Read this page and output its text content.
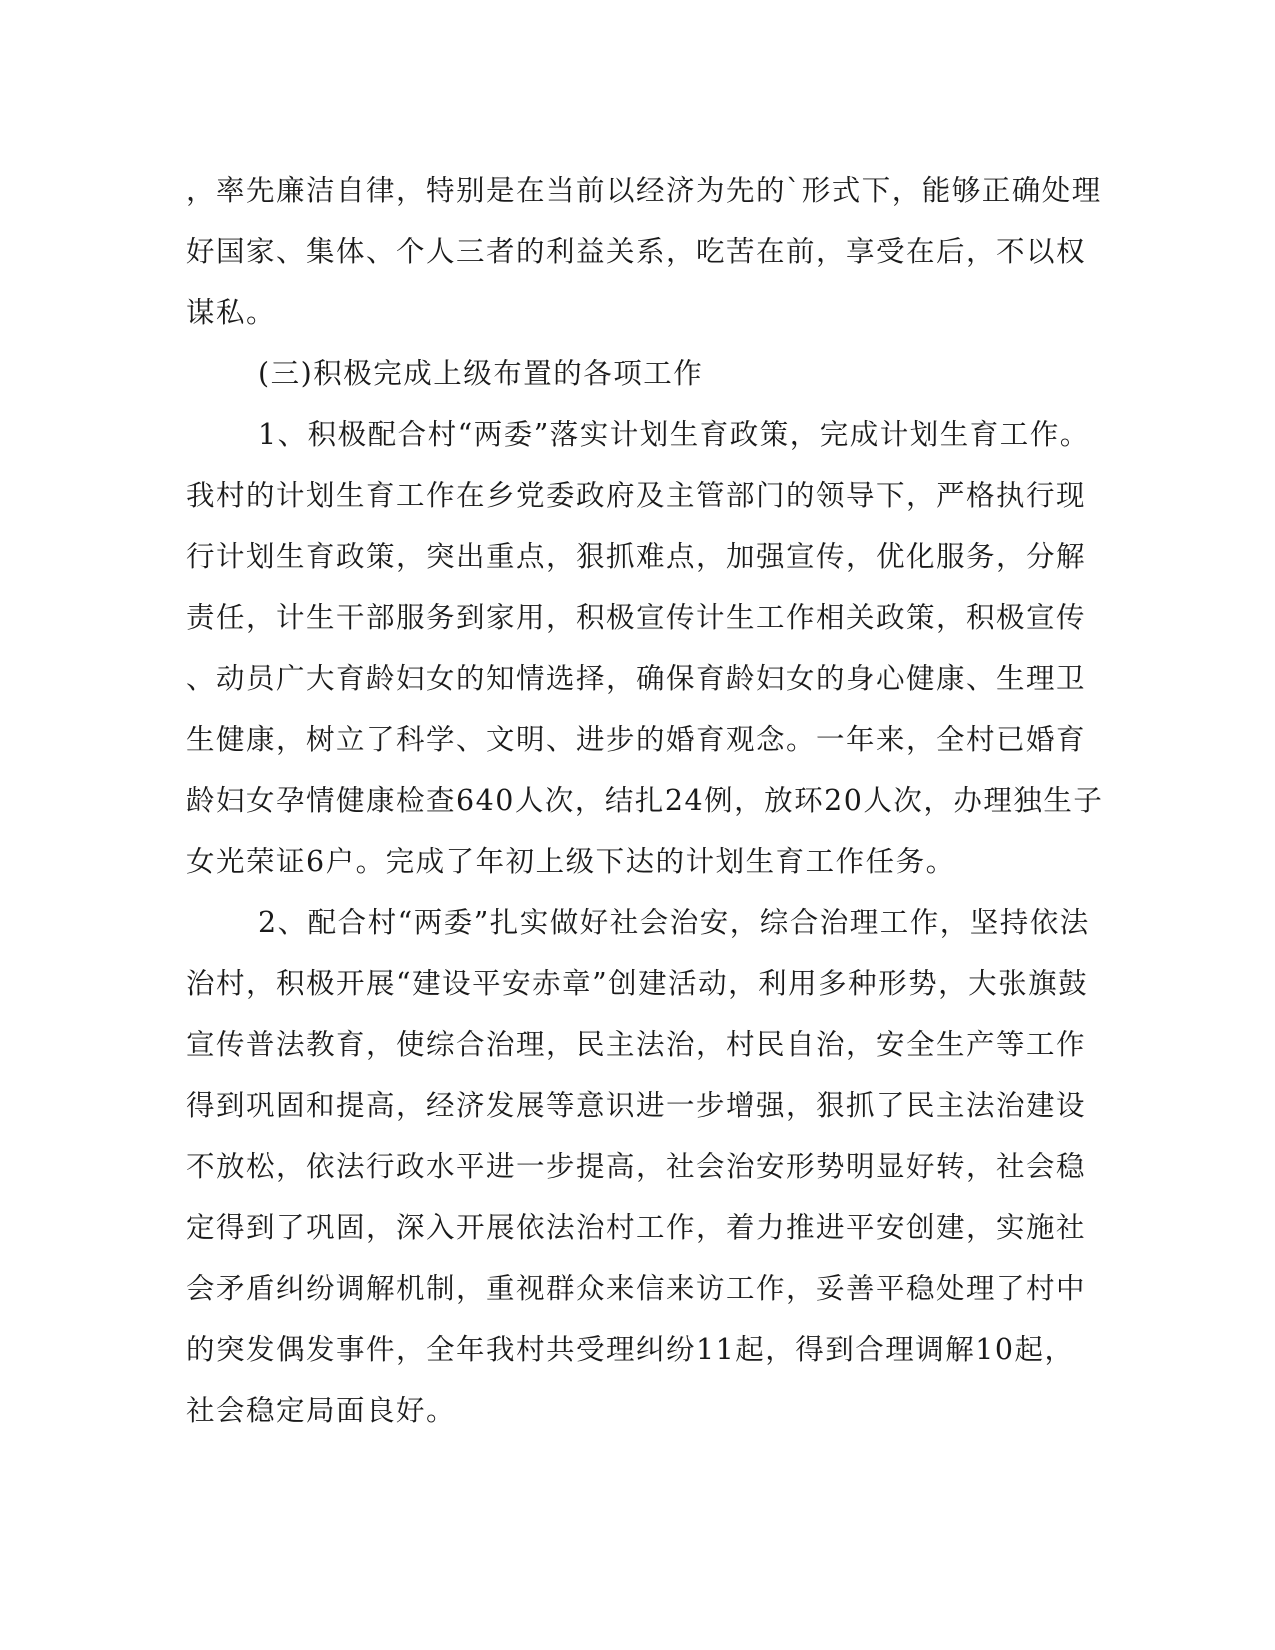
，率先廉洁自律，特别是在当前以经济为先的`形式下，能够正确处理
好国家、集体、个人三者的利益关系，吃苦在前，享受在后，不以权
谋私。
(三)积极完成上级布置的各项工作
1、积极配合村“两委”落实计划生育政策，完成计划生育工作。
我村的计划生育工作在乡党委政府及主管部门的领导下，严格执行现
行计划生育政策，突出重点，狠抓难点，加强宣传，优化服务，分解
责任，计生干部服务到家用，积极宣传计生工作相关政策，积极宣传
、动员广大育龄妇女的知情选择，确保育龄妇女的身心健康、生理卫
生健康，树立了科学、文明、进步的婚育观念。一年来，全村已婚育
龄妇女孕情健康检查640人次，结扎24例，放环20人次，办理独生子
女光荣证6户。完成了年初上级下达的计划生育工作任务。
2、配合村“两委”扎实做好社会治安，综合治理工作，坚持依法
治村，积极开展“建设平安赤章”创建活动，利用多种形势，大张旗鼓
宣传普法教育，使综合治理，民主法治，村民自治，安全生产等工作
得到巩固和提高，经济发展等意识进一步增强，狠抓了民主法治建设
不放松，依法行政水平进一步提高，社会治安形势明显好转，社会稳
定得到了巩固，深入开展依法治村工作，着力推进平安创建，实施社
会矛盾纠纷调解机制，重视群众来信来访工作，妥善平稳处理了村中
的突发偶发事件，全年我村共受理纠纷11起，得到合理调解10起，
社会稳定局面良好。
